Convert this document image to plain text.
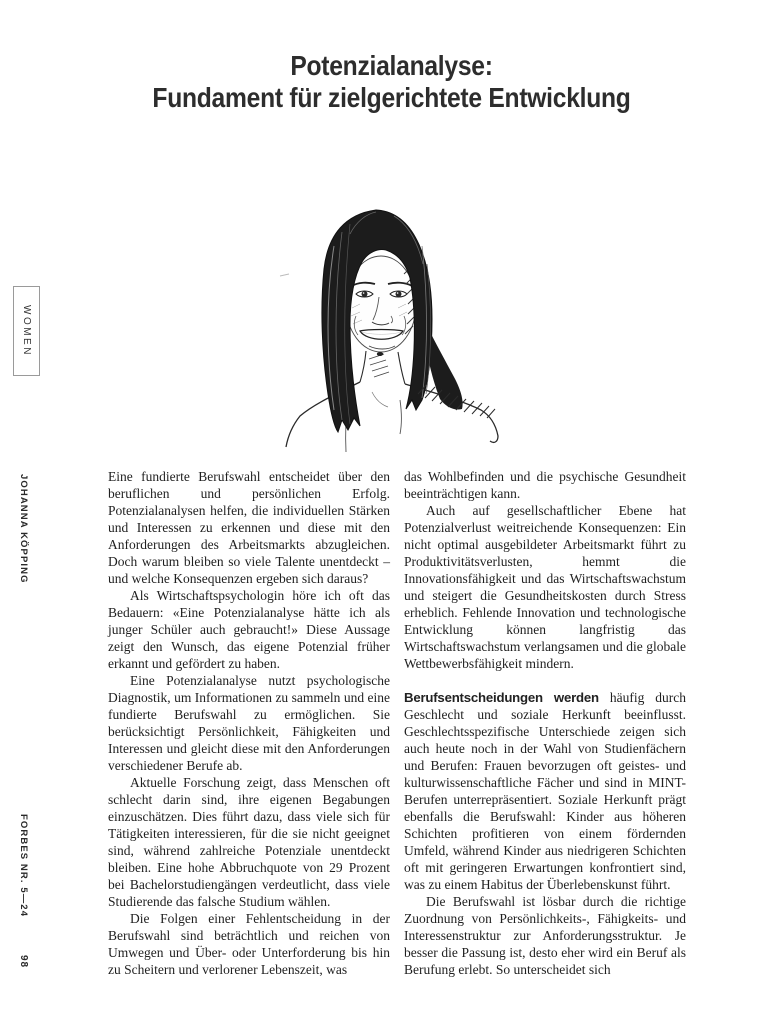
Potenzialanalyse:
Fundament für zielgerichtete Entwicklung
WOMEN
JOHANNA KÖPPING
FORBES NR. 5—24
98

Eine fundierte Berufswahl entscheidet über den beruflichen und persönlichen Erfolg. Potenzialanalysen helfen, die individuellen Stärken und Interessen zu erkennen und diese mit den Anforderungen des Arbeitsmarkts abzugleichen. Doch warum bleiben so viele Talente unentdeckt – und welche Konsequenzen ergeben sich daraus?

Als Wirtschaftspsychologin höre ich oft das Bedauern: «Eine Potenzialanalyse hätte ich als junger Schüler auch gebraucht!» Diese Aussage zeigt den Wunsch, das eigene Potenzial früher erkannt und gefördert zu haben.

Eine Potenzialanalyse nutzt psychologische Diagnostik, um Informationen zu sammeln und eine fundierte Berufswahl zu ermöglichen. Sie berücksichtigt Persönlichkeit, Fähigkeiten und Interessen und gleicht diese mit den Anforderungen verschiedener Berufe ab.

Aktuelle Forschung zeigt, dass Menschen oft schlecht darin sind, ihre eigenen Begabungen einzuschätzen. Dies führt dazu, dass viele sich für Tätigkeiten interessieren, für die sie nicht geeignet sind, während zahlreiche Potenziale unentdeckt bleiben. Eine hohe Abbruchquote von 29 Prozent bei Bachelorstudiengängen verdeutlicht, dass viele Studierende das falsche Studium wählen.

Die Folgen einer Fehlentscheidung in der Berufswahl sind beträchtlich und reichen von Umwegen und Über- oder Unterforderung bis hin zu Scheitern und verlorener Lebenszeit, was

das Wohlbefinden und die psychische Gesundheit beeinträchtigen kann.

Auch auf gesellschaftlicher Ebene hat Potenzialverlust weitreichende Konsequenzen: Ein nicht optimal ausgebildeter Arbeitsmarkt führt zu Produktivitätsverlusten, hemmt die Innovationsfähigkeit und das Wirtschaftswachstum und steigert die Gesundheitskosten durch Stress erheblich. Fehlende Innovation und technologische Entwicklung können langfristig das Wirtschaftswachstum verlangsamen und die globale Wettbewerbsfähigkeit mindern.

Berufsentscheidungen werden häufig durch Geschlecht und soziale Herkunft beeinflusst. Geschlechtsspezifische Unterschiede zeigen sich auch heute noch in der Wahl von Studienfächern und Berufen: Frauen bevorzugen oft geistes- und kulturwissenschaftliche Fächer und sind in MINT-Berufen unterrepräsentiert. Soziale Herkunft prägt ebenfalls die Berufswahl: Kinder aus höheren Schichten profitieren von einem fördernden Umfeld, während Kinder aus niedrigeren Schichten oft mit geringeren Erwartungen konfrontiert sind, was zu einem Habitus der Überlebenskunst führt.

Die Berufswahl ist lösbar durch die richtige Zuordnung von Persönlichkeits-, Fähigkeits- und Interessenstruktur zur Anforderungsstruktur. Je besser die Passung ist, desto eher wird ein Beruf als Berufung erlebt. So unterscheidet sich
